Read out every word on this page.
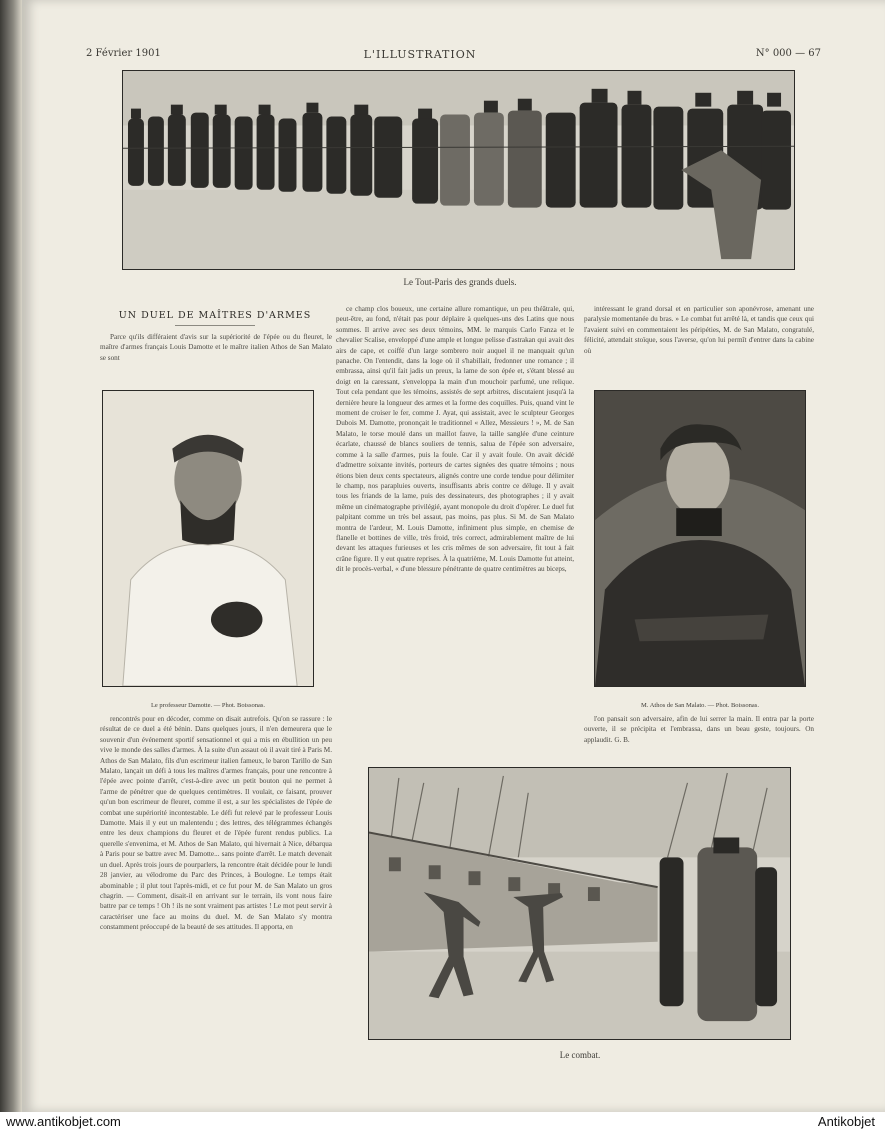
2 Février 1901	L'ILLUSTRATION	N° 000 — 67
Le Tout-Paris des grands duels.
UN DUEL DE MAÎTRES D'ARMES
Parce qu'ils différaient d'avis sur la supériorité de l'épée ou du fleuret, le maître d'armes français Louis Damotte et le maître italien Athos de San Malato se sont
Le professeur Damotte. — Phot. Boissonas.
rencontrés pour en décoder, comme on disait autrefois. Qu'on se rassure : le résultat de ce duel a été bénin. Dans quelques jours, il n'en demeurera que le souvenir d'un événement sportif sensationnel et qui a mis en ébullition un peu vive le monde des salles d'armes. À la suite d'un assaut où il avait tiré à Paris M. Athos de San Malato, fils d'un escrimeur italien fameux, le baron Tarillo de San Malato, lançait un défi à tous les maîtres d'armes français, pour une rencontre à l'épée avec pointe d'arrêt, c'est-à-dire avec un petit bouton qui ne permet à l'arme de pénétrer que de quelques centimètres. Il voulait, ce faisant, prouver qu'un bon escrimeur de fleuret, comme il est, a sur les spécialistes de l'épée de combat une supériorité incontestable. Le défi fut relevé par le professeur Louis Damotte. Mais il y eut un malentendu ; des lettres, des télégrammes échangés entre les deux champions du fleuret et de l'épée furent rendus publics. La querelle s'envenima, et M. Athos de San Malato, qui hivernait à Nice, débarqua à Paris pour se battre avec M. Damotte... sans pointe d'arrêt. Le match devenait un duel. Après trois jours de pourparlers, la rencontre était décidée pour le lundi 28 janvier, au vélodrome du Parc des Princes, à Boulogne. Le temps était abominable ; il plut tout l'après-midi, et ce fut pour M. de San Malato un gros chagrin. — Comment, disait-il en arrivant sur le terrain, ils vont nous faire battre par ce temps ! Oh ! ils ne sont vraiment pas artistes ! Le mot peut servir à caractériser une face au moins du duel. M. de San Malato s'y montra constamment préoccupé de la beauté de ses attitudes. Il apporta, en
ce champ clos boueux, une certaine allure romantique, un peu théâtrale, qui, peut-être, au fond, n'était pas pour déplaire à quelques-uns des Latins que nous sommes. Il arrive avec ses deux témoins, MM. le marquis Carlo Fanza et le chevalier Scalise, enveloppé d'une ample et longue pelisse d'astrakan qui avait des airs de cape, et coiffé d'un large sombrero noir auquel il ne manquait qu'un panache. On l'entendit, dans la loge où il s'habillait, fredonner une romance ; il embrassa, ainsi qu'il fait jadis un preux, la lame de son épée et, s'étant blessé au doigt en la caressant, s'enveloppa la main d'un mouchoir parfumé, une relique. Tout cela pendant que les témoins, assistés de sept arbitres, discutaient jusqu'à la dernière heure la longueur des armes et la forme des coquilles. Puis, quand vint le moment de croiser le fer, comme J. Ayat, qui assistait, avec le sculpteur Georges Dubois M. Damotte, prononçait le traditionnel « Allez, Messieurs ! », M. de San Malato, le torse moulé dans un maillot fauve, la taille sanglée d'une ceinture écarlate, chaussé de blancs souliers de tennis, salua de l'épée son adversaire, comme à la salle d'armes, puis la foule. Car il y avait foule. On avait décidé d'admettre soixante invités, porteurs de cartes signées des quatre témoins ; nous étions bien deux cents spectateurs, alignés contre une corde tendue pour délimiter le champ, nos parapluies ouverts, insuffisants abris contre ce déluge. Il y avait tous les friands de la lame, puis des dessinateurs, des photographes ; il y avait même un cinématographe privilégié, ayant monopole du droit d'opérer. Le duel fut palpitant comme un très bel assaut, pas moins, pas plus. Si M. de San Malato montra de l'ardeur, M. Louis Damotte, infiniment plus simple, en chemise de flanelle et bottines de ville, très froid, très correct, admirablement maître de lui devant les attaques furieuses et les cris mêmes de son adversaire, fit tout à fait crâne figure. Il y eut quatre reprises. À la quatrième, M. Louis Damotte fut atteint, dit le procès-verbal, « d'une blessure pénétrante de quatre centimètres au biceps,
intéressant le grand dorsal et en particulier son aponévrose, amenant une paralysie momentanée du bras. » Le combat fut arrêté là, et tandis que ceux qui l'avaient suivi en commentaient les péripéties, M. de San Malato, congratulé, félicité, attendait stoïque, sous l'averse, qu'on lui permît d'entrer dans la cabine où
M. Athos de San Malato. — Phot. Boissonas.
l'on pansait son adversaire, afin de lui serrer la main. Il entra par la porte ouverte, il se précipita et l'embrassa, dans un beau geste, toujours. On applaudit. G. B.
Le combat.
www.antikobjet.com	Antikobjet
